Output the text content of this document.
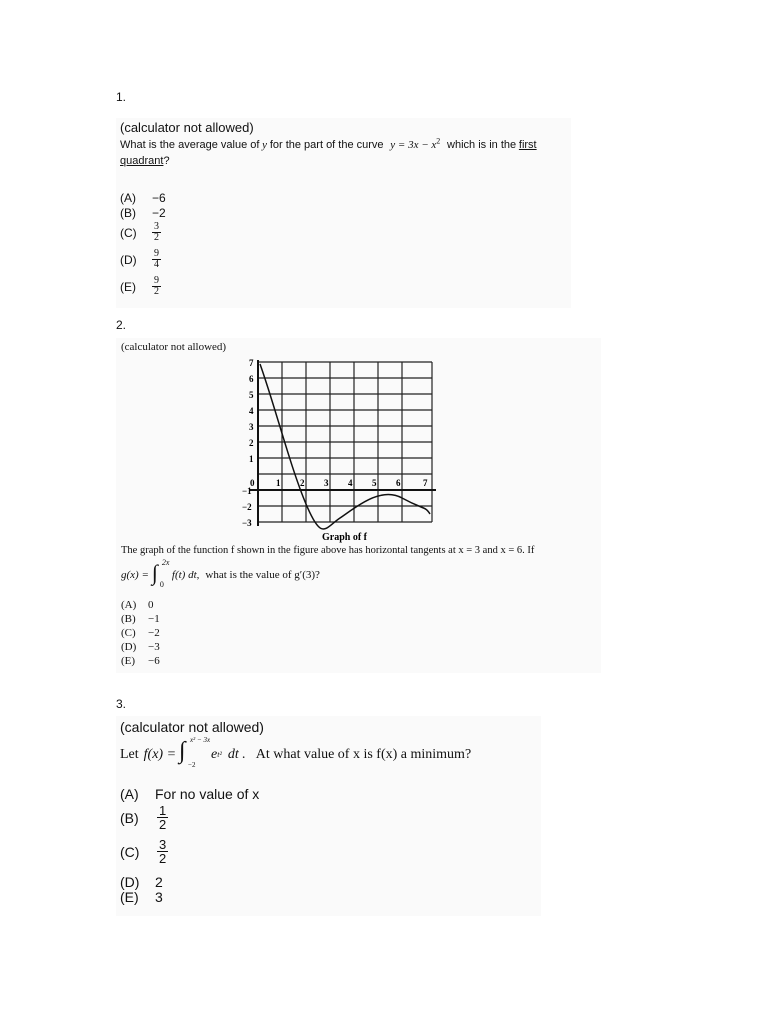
1.
(calculator not allowed)
What is the average value of y for the part of the curve $y = 3x - x^2$ which is in the first
quadrant?
(A)	−6
(B)	−2
(C)	$\frac{3}{2}$
(D)	$\frac{9}{4}$
(E)	$\frac{9}{2}$
2.
(calculator not allowed)
0 1 2 3 4 5 6	7
7
6
5
4
3
2
1
−1
−2
−3
Graph of f
The graph of the function f shown in the figure above has horizontal tangents at x = 3 and x = 6. If
g(x) = ∫ 2x
0
f(t) dt, what is the value of g′(3)?
(A) 0
(B) −1
(C) −2
(D) −3
(E) −6
3.
(calculator not allowed)
Let f(x) = ∫ x² − 3x
−2
e t² dt . At what value of x is f(x) a minimum?
(A)	For no value of x
(B)	$\frac{1}{2}$
(C)	$\frac{3}{2}$
(D)	2
(E)	3
